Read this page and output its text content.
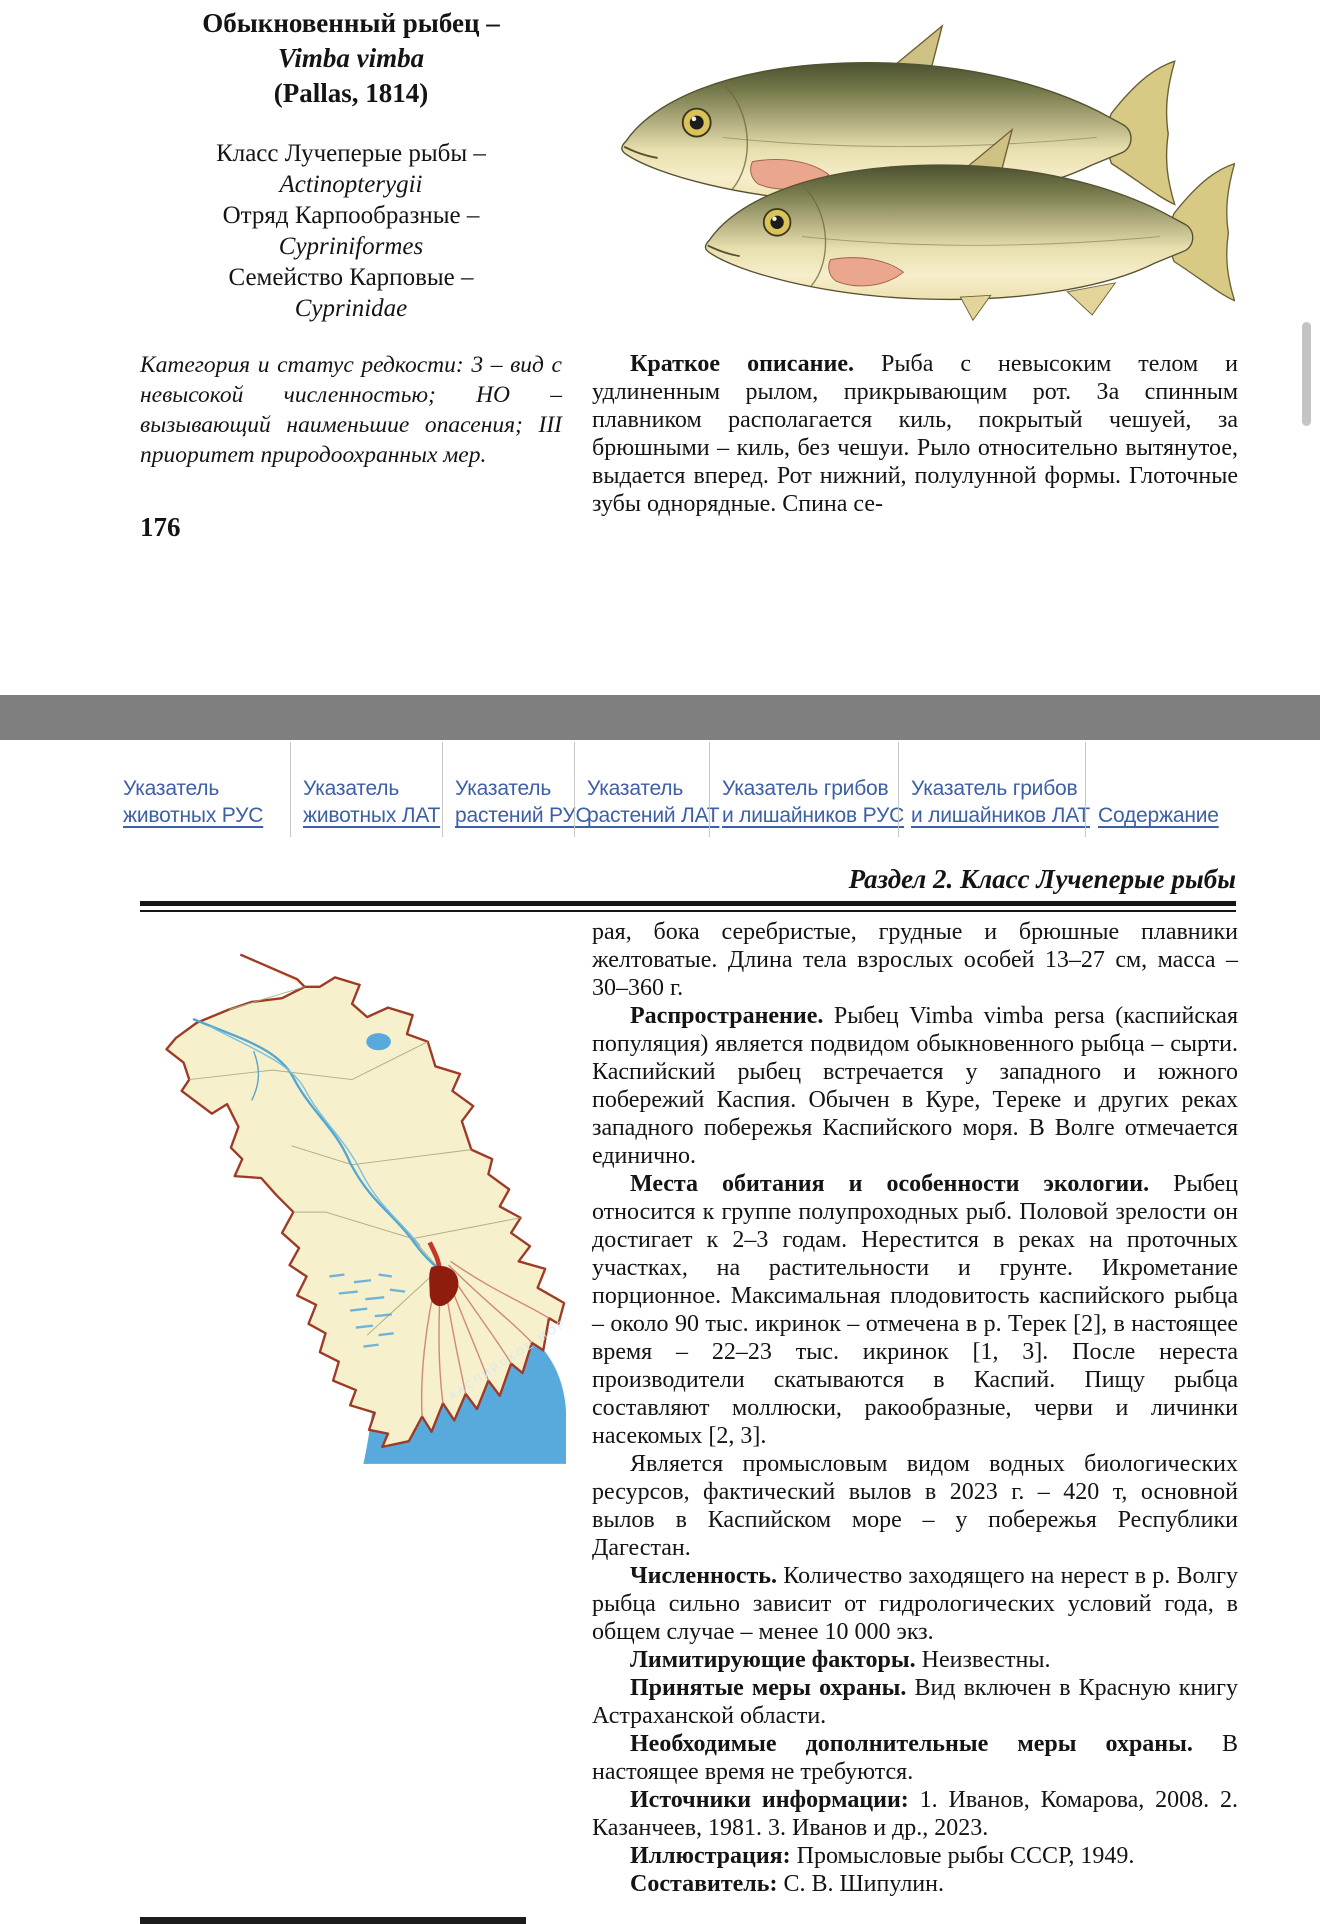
Обыкновенный рыбец –
Vimba vimba
(Pallas, 1814)
Класс Лучеперые рыбы –
Actinopterygii
Отряд Карпообразные –
Cypriniformes
Семейство Карповые –
Cyprinidae
Категория и статус редкости: 3 – вид с невысокой численностью; НО – вызывающий наименьшие опасения; III приоритет природоохранных мер.
176
Краткое описание. Рыба с невысоким телом и удлиненным рылом, прикрывающим рот. За спинным плавником располагается киль, покрытый чешуей, за брюшными – киль, без чешуи. Рыло относительно вытянутое, выдается вперед. Рот нижний, полулунной формы. Глоточные зубы однорядные. Спина се-
Указатель
животных РУС
Указатель
животных ЛАТ
Указатель
растений РУС
Указатель
растений ЛАТ
Указатель грибов
и лишайников РУС
Указатель грибов
и лишайников ЛАТ Содержание
Раздел 2. Класс Лучеперые рыбы
КАСПИЙСКОЕ МОРЕ

рая, бока серебристые, грудные и брюшные плавники желтоватые. Длина тела взрослых особей 13–27 см, масса – 30–360 г.

Распространение. Рыбец Vimba vimba persa (каспийская популяция) является подвидом обыкновенного рыбца – сырти. Каспийский рыбец встречается у западного и южного побережий Каспия. Обычен в Куре, Тереке и других реках западного побережья Каспийского моря. В Волге отмечается единично.

Места обитания и особенности экологии. Рыбец относится к группе полупроходных рыб. Половой зрелости он достигает к 2–3 годам. Нерестится в реках на проточных участках, на растительности и грунте. Икрометание порционное. Максимальная плодовитость каспийского рыбца – около 90 тыс. икринок – отмечена в р. Терек [2], в настоящее время – 22–23 тыс. икринок [1, 3]. После нереста производители скатываются в Каспий. Пищу рыбца составляют моллюски, ракообразные, черви и личинки насекомых [2, 3].

Является промысловым видом водных биологических ресурсов, фактический вылов в 2023 г. – 420 т, основной вылов в Каспийском море – у побережья Республики Дагестан.

Численность. Количество заходящего на нерест в р. Волгу рыбца сильно зависит от гидрологических условий года, в общем случае – менее 10 000 экз.

Лимитирующие факторы. Неизвестны.

Принятые меры охраны. Вид включен в Красную книгу Астраханской области.

Необходимые дополнительные меры охраны. В настоящее время не требуются.

Источники информации: 1. Иванов, Комарова, 2008. 2. Казанчеев, 1981. 3. Иванов и др., 2023.

Иллюстрация: Промысловые рыбы СССР, 1949.

Составитель: С. В. Шипулин.
